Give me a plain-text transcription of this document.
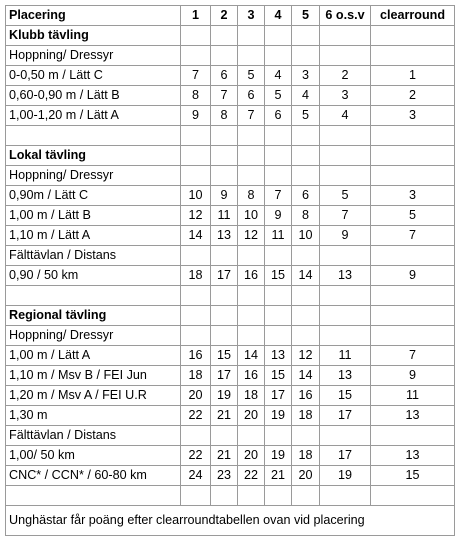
Placering	1	2	3	4	5	6 o.s.v	clearround
Klubb tävling							
Hoppning/ Dressyr							
0-0,50 m / Lätt C	7	6	5	4	3	2	1
0,60-0,90 m / Lätt B	8	7	6	5	4	3	2
1,00-1,20 m / Lätt A	9	8	7	6	5	4	3

Lokal tävling							
Hoppning/ Dressyr							
0,90m / Lätt C	10	9	8	7	6	5	3
1,00 m / Lätt B	12	11	10	9	8	7	5
1,10 m / Lätt A	14	13	12	11	10	9	7
Fälttävlan / Distans							
0,90 / 50 km	18	17	16	15	14	13	9

Regional tävling							
Hoppning/ Dressyr							
1,00 m / Lätt A	16	15	14	13	12	11	7
1,10 m / Msv B / FEI Jun	18	17	16	15	14	13	9
1,20 m / Msv A / FEI U.R	20	19	18	17	16	15	11
1,30 m	22	21	20	19	18	17	13
Fälttävlan / Distans							
1,00/ 50 km	22	21	20	19	18	17	13
CNC* / CCN* / 60-80 km	24	23	22	21	20	19	15

Unghästar får poäng efter clearroundtabellen ovan vid placering							
